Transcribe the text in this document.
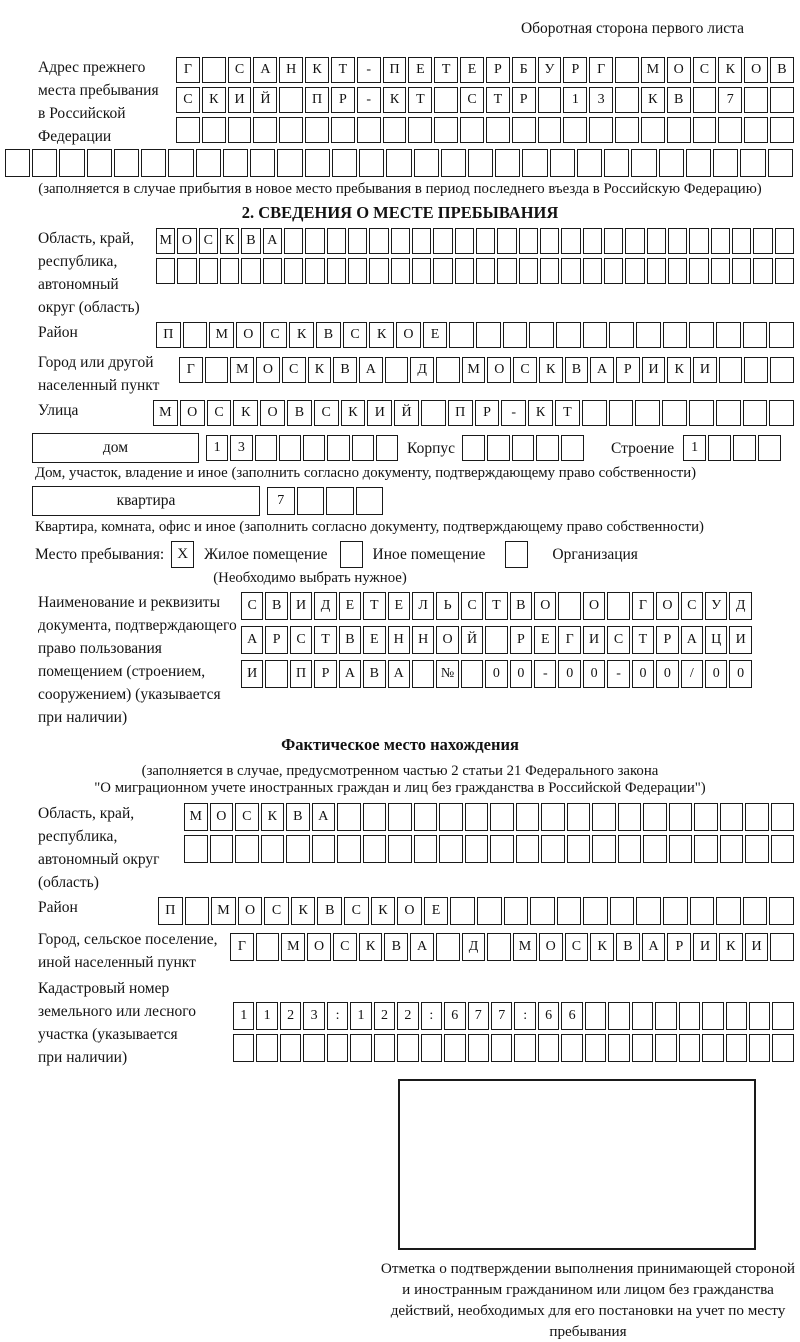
Оборотная сторона первого листа
Адрес прежнего
места пребывания
в Российской
Федерации
Г	С	А	Н	К	Т	-	П	Е	Т	Е	Р	Б	У	Р	Г	М	О	С	К	О	В
С	К	И	Й	П	Р	-	К	Т	С	Т	Р	1	3	К	В	7
(заполняется в случае прибытия в новое место пребывания в период последнего въезда в Российскую Федерацию)
2. СВЕДЕНИЯ О МЕСТЕ ПРЕБЫВАНИЯ
Область, край,
республика,
автономный
округ (область)
М О С К В А
Район	П	М	О	С	К	В	С	К	О	Е
Город или другой
населенный пункт
Г	М	О	С	К	В	А	Д	М	О	С	К	В	А	Р	И	К	И
Улица	М	О	С	К	О	В	С	К	И	Й	П	Р	-	К	Т
дом	1	3	Корпус	Строение	1
Дом, участок, владение и иное (заполнить согласно документу, подтверждающему право собственности)
квартира	7
Квартира, комната, офис и иное (заполнить согласно документу, подтверждающему право собственности)
Место пребывания: X	Жилое помещение	Иное помещение	Организация
(Необходимо выбрать нужное)
Наименование и реквизиты
документа, подтверждающего
право пользования
помещением (строением,
сооружением) (указывается
при наличии)
С	В	И	Д	Е	Т	Е	Л	Ь	С	Т	В	О	О	Г	О	С	У	Д
А	Р	С	Т	В	Е	Н	Н	О	Й	Р	Е	Г	И	С	Т	Р	А	Ц	И
И	П	Р	А	В	А	№	0	0	-	0	0	-	0	0	/	0	0
Фактическое место нахождения
(заполняется в случае, предусмотренном частью 2 статьи 21 Федерального закона
"О миграционном учете иностранных граждан и лиц без гражданства в Российской Федерации")
Область, край,
республика,
автономный округ
(область)
М	О	С	К	В	А
Район	П	М	О	С	К	В	С	К	О	Е
Город, сельское поселение,
иной населенный пункт
Г	М	О	С	К	В	А	Д	М	О	С	К	В	А	Р	И	К	И
Кадастровый номер
земельного или лесного
участка (указывается
при наличии)
1	1	2	3	:	1	2	2	:	6	7	7	:	6	6
Отметка о подтверждении выполнения принимающей стороной и иностранным гражданином или лицом без гражданства действий, необходимых для его постановки на учет по месту пребывания
